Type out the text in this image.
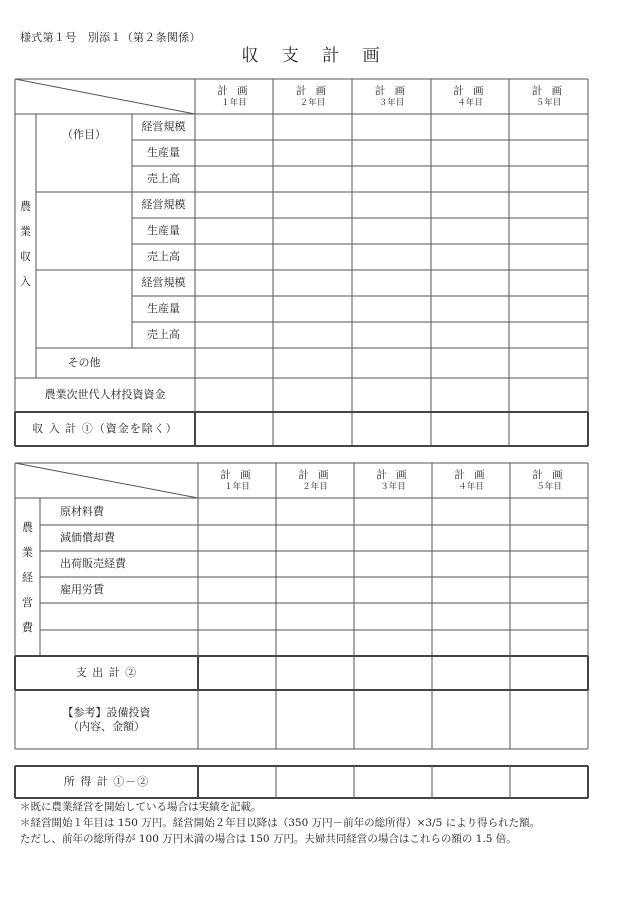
様式第１号　別添１（第２条関係）
収 支 計 画
計 画
１年目
計 画
２年目
計 画
３年目
計 画
４年目
計 画
５年目
農
業
収
入
（作目）
経営規模
生産量
売上高
経営規模
生産量
売上高
経営規模
生産量
売上高
その他
農業次世代人材投資資金
収 入 計 ①（資金を除く）
計 画
１年目
計 画
２年目
計 画
３年目
計 画
４年目
計 画
５年目
農
業
経
営
費
原材料費
減価償却費
出荷販売経費
雇用労賃
支 出 計 ②
【参考】設備投資
（内容、金額）
所 得 計 ①－②
＊既に農業経営を開始している場合は実績を記載。
＊経営開始１年目は 150 万円。経営開始２年目以降は（350 万円－前年の総所得）×3/5 により得られた額。
ただし、前年の総所得が 100 万円未満の場合は 150 万円。夫婦共同経営の場合はこれらの額の 1.5 倍。
